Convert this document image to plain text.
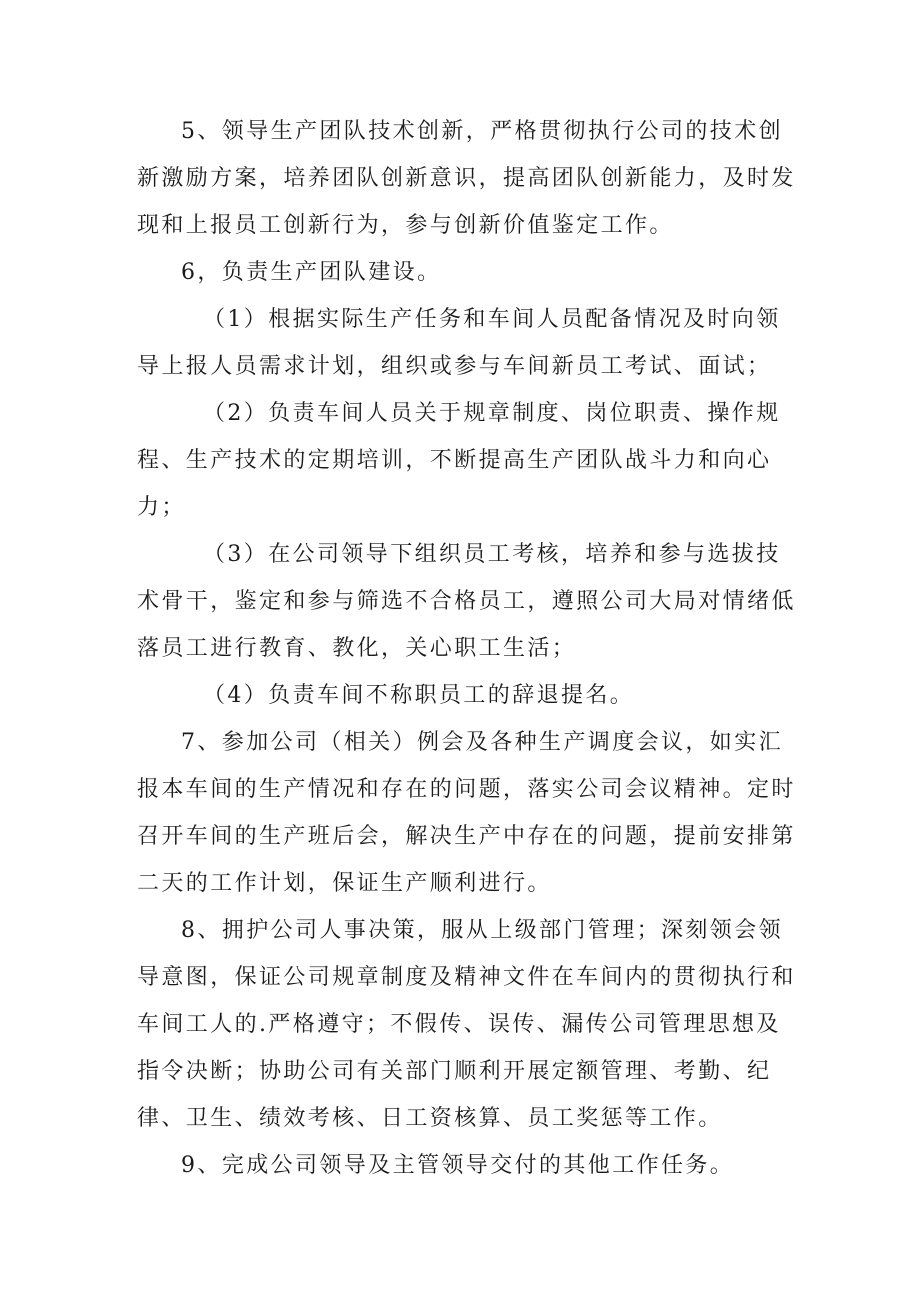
5、领导生产团队技术创新，严格贯彻执行公司的技术创新激励方案，培养团队创新意识，提高团队创新能力，及时发现和上报员工创新行为，参与创新价值鉴定工作。

6，负责生产团队建设。

（1）根据实际生产任务和车间人员配备情况及时向领导上报人员需求计划，组织或参与车间新员工考试、面试；

（2）负责车间人员关于规章制度、岗位职责、操作规程、生产技术的定期培训，不断提高生产团队战斗力和向心力；

（3）在公司领导下组织员工考核，培养和参与选拔技术骨干，鉴定和参与筛选不合格员工，遵照公司大局对情绪低落员工进行教育、教化，关心职工生活；

（4）负责车间不称职员工的辞退提名。

7、参加公司（相关）例会及各种生产调度会议，如实汇报本车间的生产情况和存在的问题，落实公司会议精神。定时召开车间的生产班后会，解决生产中存在的问题，提前安排第二天的工作计划，保证生产顺利进行。

8、拥护公司人事决策，服从上级部门管理；深刻领会领导意图，保证公司规章制度及精神文件在车间内的贯彻执行和车间工人的.严格遵守；不假传、误传、漏传公司管理思想及指令决断；协助公司有关部门顺利开展定额管理、考勤、纪律、卫生、绩效考核、日工资核算、员工奖惩等工作。

9、完成公司领导及主管领导交付的其他工作任务。
